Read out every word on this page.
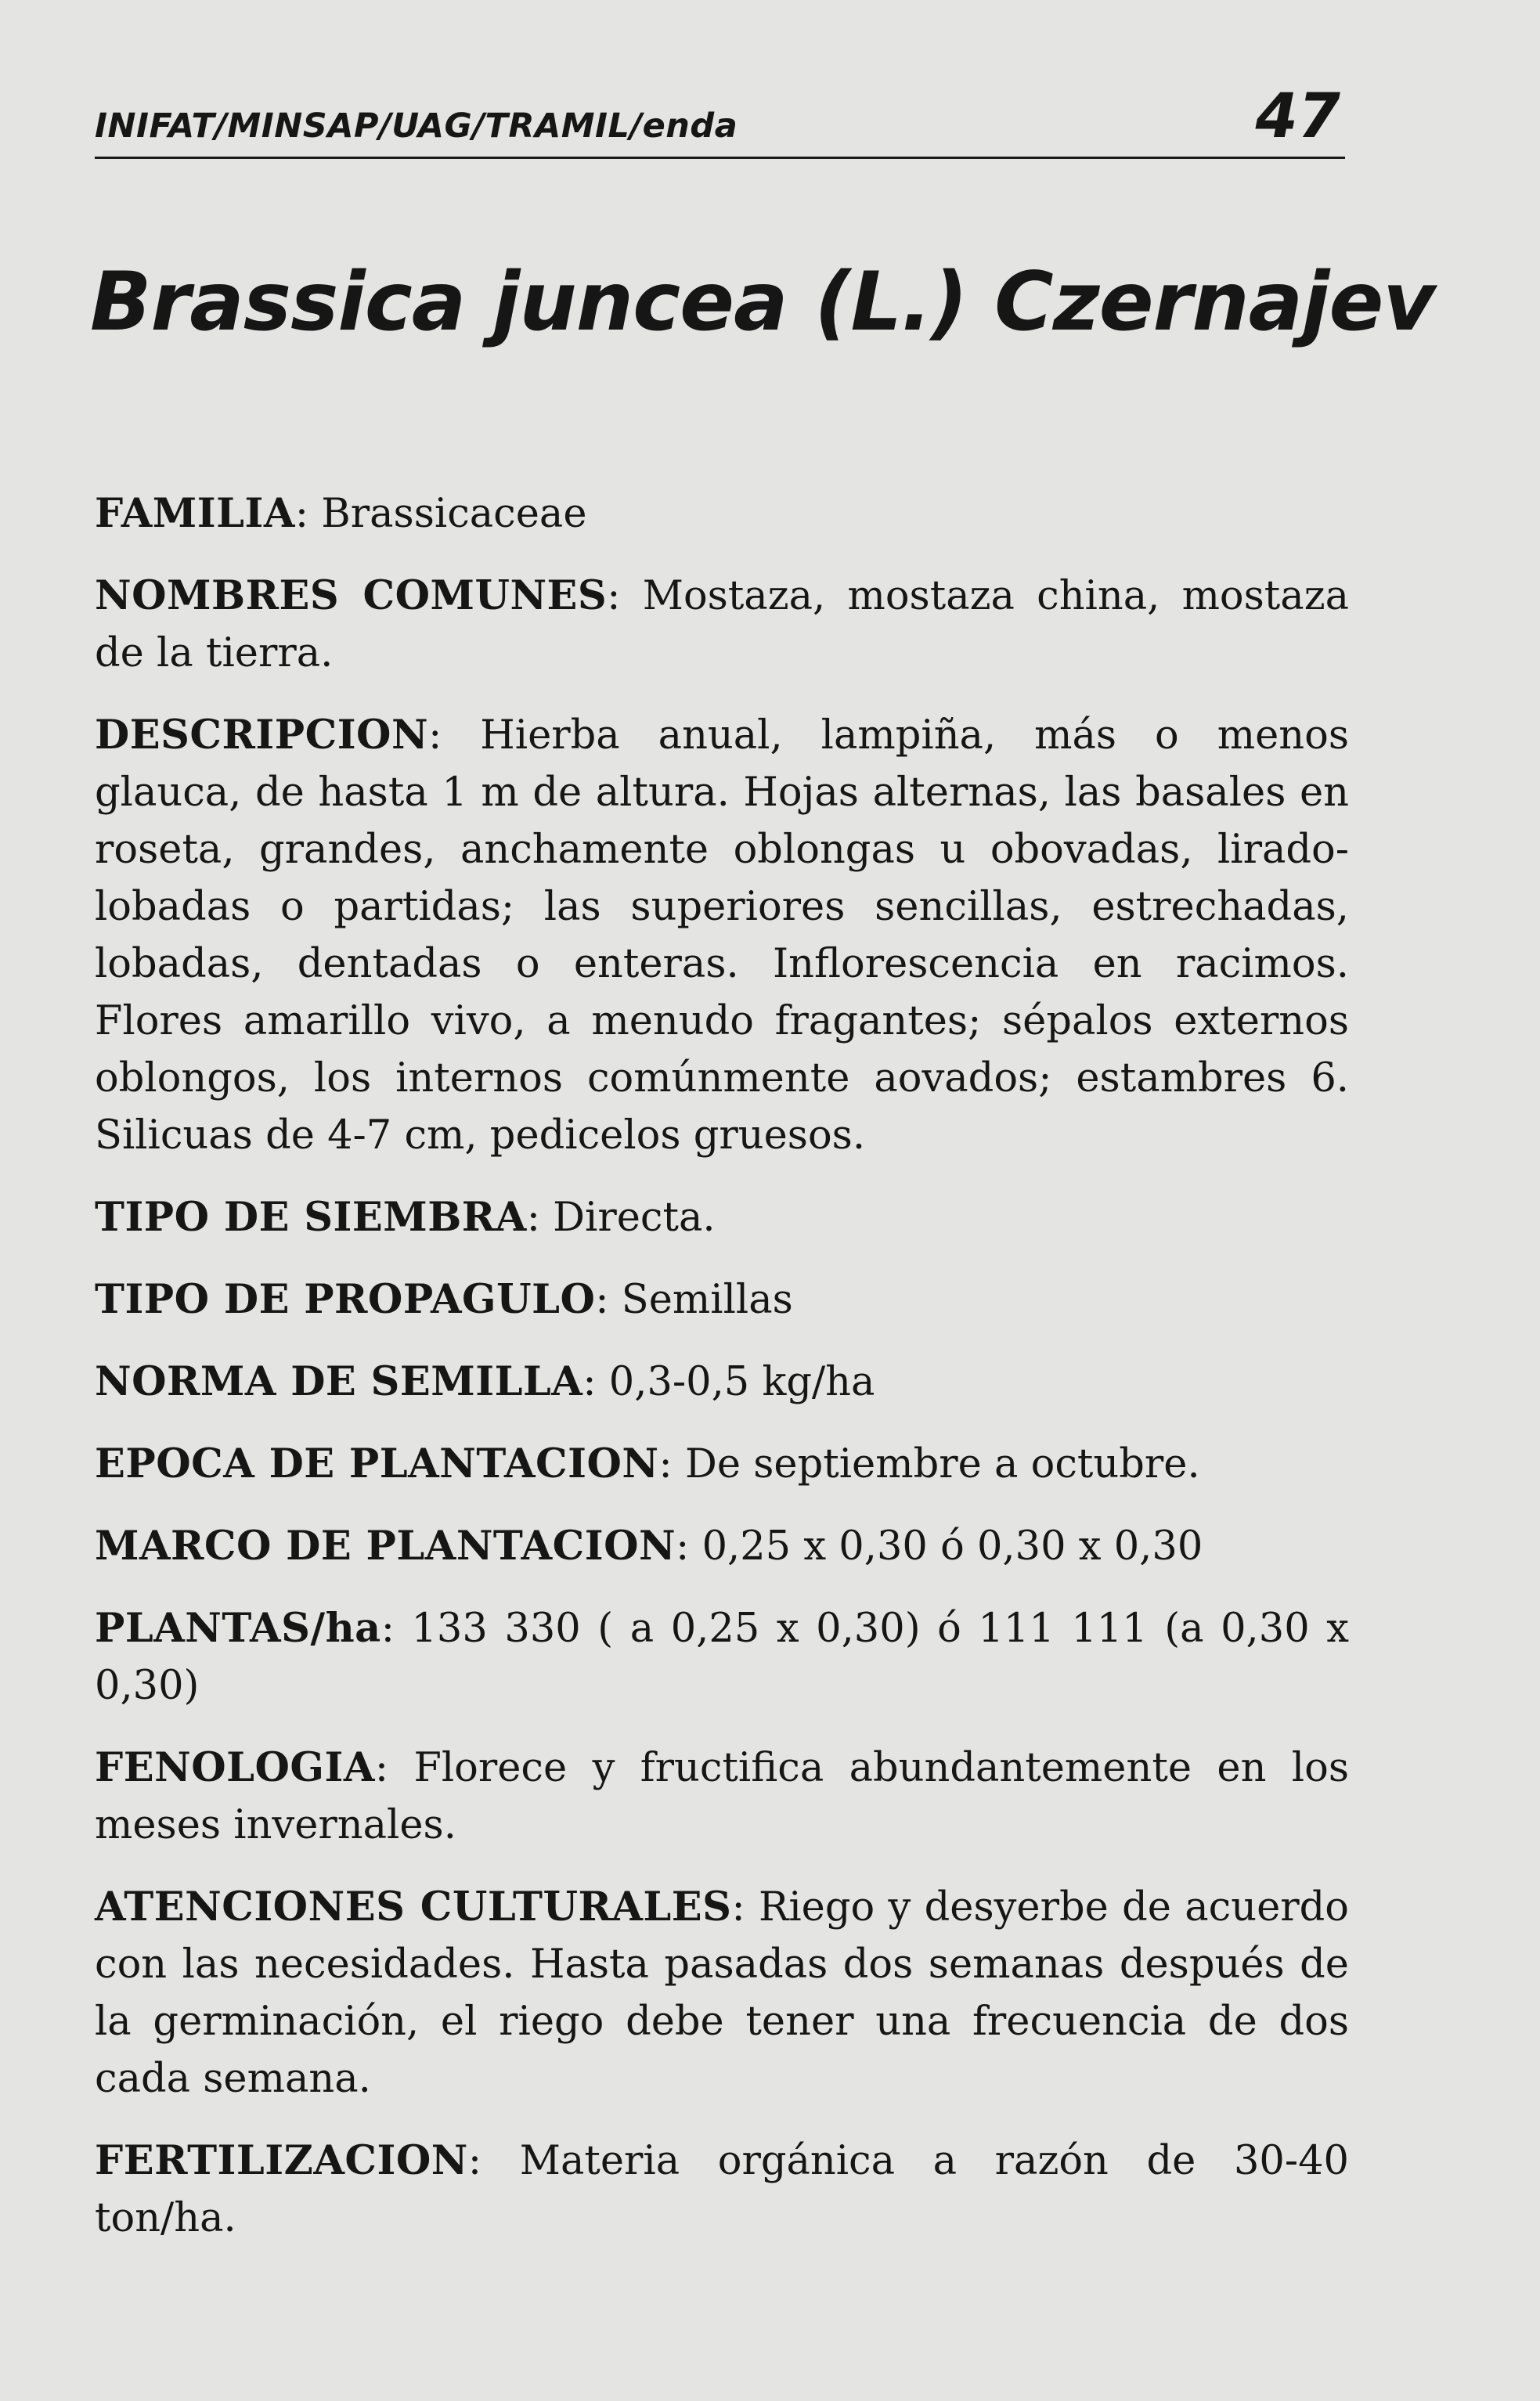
INIFAT/MINSAP/UAG/TRAMIL/enda	47
Brassica juncea (L.) Czernajev

FAMILIA: Brassicaceae

NOMBRES COMUNES: Mostaza, mostaza china, mostaza de la tierra.

DESCRIPCION: Hierba anual, lampiña, más o menos glauca, de hasta 1 m de altura. Hojas alternas, las basales en roseta, grandes, anchamente oblongas u obovadas, lirado-lobadas o partidas; las superiores sencillas, estrechadas, lobadas, dentadas o enteras. Inflorescencia en racimos. Flores amarillo vivo, a menudo fragantes; sépalos externos oblongos, los internos comúnmente aovados; estambres 6. Silicuas de 4-7 cm, pedicelos gruesos.

TIPO DE SIEMBRA: Directa.

TIPO DE PROPAGULO: Semillas

NORMA DE SEMILLA: 0,3-0,5 kg/ha

EPOCA DE PLANTACION: De septiembre a octubre.

MARCO DE PLANTACION: 0,25 x 0,30 ó 0,30 x 0,30

PLANTAS/ha: 133 330 ( a 0,25 x 0,30) ó 111 111 (a 0,30 x 0,30)

FENOLOGIA: Florece y fructifica abundantemente en los meses invernales.

ATENCIONES CULTURALES: Riego y desyerbe de acuerdo con las necesidades. Hasta pasadas dos semanas después de la germinación, el riego debe tener una frecuencia de dos cada semana.

FERTILIZACION: Materia orgánica a razón de 30-40 ton/ha.
